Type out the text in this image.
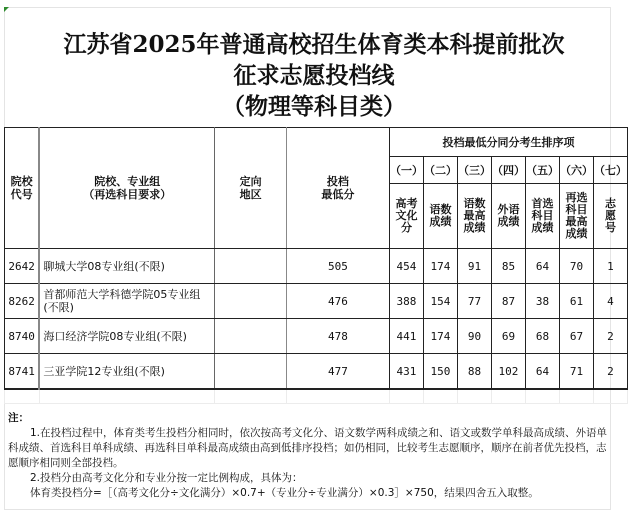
江苏省2025年普通高校招生体育类本科提前批次
征求志愿投档线
（物理等科目类）
院校
代号

院校、专业组
（再选科目要求）

定向
地区

投档
最低分
	投档最低分同分考生排序项
				（一）	（二）	（三）	（四）	（五）	（六）	（七）
				高考文化分	语数成绩	语数最高成绩	外语成绩	首选科目成绩	再选科目最高成绩	志愿号
2642	聊城大学08专业组(不限)		505	454	174	91	85	64	70	1
8262	首都师范大学科德学院05专业组(不限)		476	388	154	77	87	38	61	4
8740	海口经济学院08专业组(不限)		478	441	174	90	69	68	67	2
8741	三亚学院12专业组(不限)		477	431	150	88	102	64	71	2

注：
1.在投档过程中，体育类考生投档分相同时，依次按高考文化分、语文数学两科成绩之和、语文或数学单科最高成绩、外语单科成绩、首选科目单科成绩、再选科目单科最高成绩由高到低排序投档；如仍相同，比较考生志愿顺序，顺序在前者优先投档，志愿顺序相同则全部投档。
2.投档分由高考文化分和专业分按一定比例构成，具体为：
体育类投档分=［（高考文化分÷文化满分）×0.7+（专业分÷专业满分）×0.3］×750，结果四舍五入取整。
